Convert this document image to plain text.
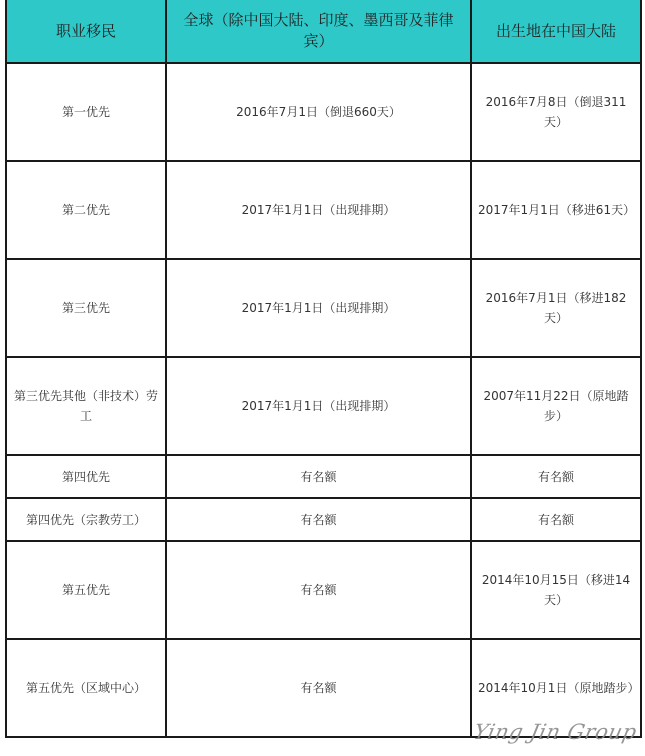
职业移民	全球（除中国大陆、印度、墨西哥及菲律宾）	出生地在中国大陆
第一优先	2016年7月1日（倒退660天）	2016年7月8日（倒退311天）
第二优先	2017年1月1日（出现排期）	2017年1月1日（移进61天）
第三优先	2017年1月1日（出现排期）	2016年7月1日（移进182天）
第三优先其他（非技术）劳工	2017年1月1日（出现排期）	2007年11月22日（原地踏步）
第四优先	有名额	有名额
第四优先（宗教劳工）	有名额	有名额
第五优先	有名额	2014年10月15日（移进14天）
第五优先（区域中心）	有名额	2014年10月1日（原地踏步）
Ying Jin Group
